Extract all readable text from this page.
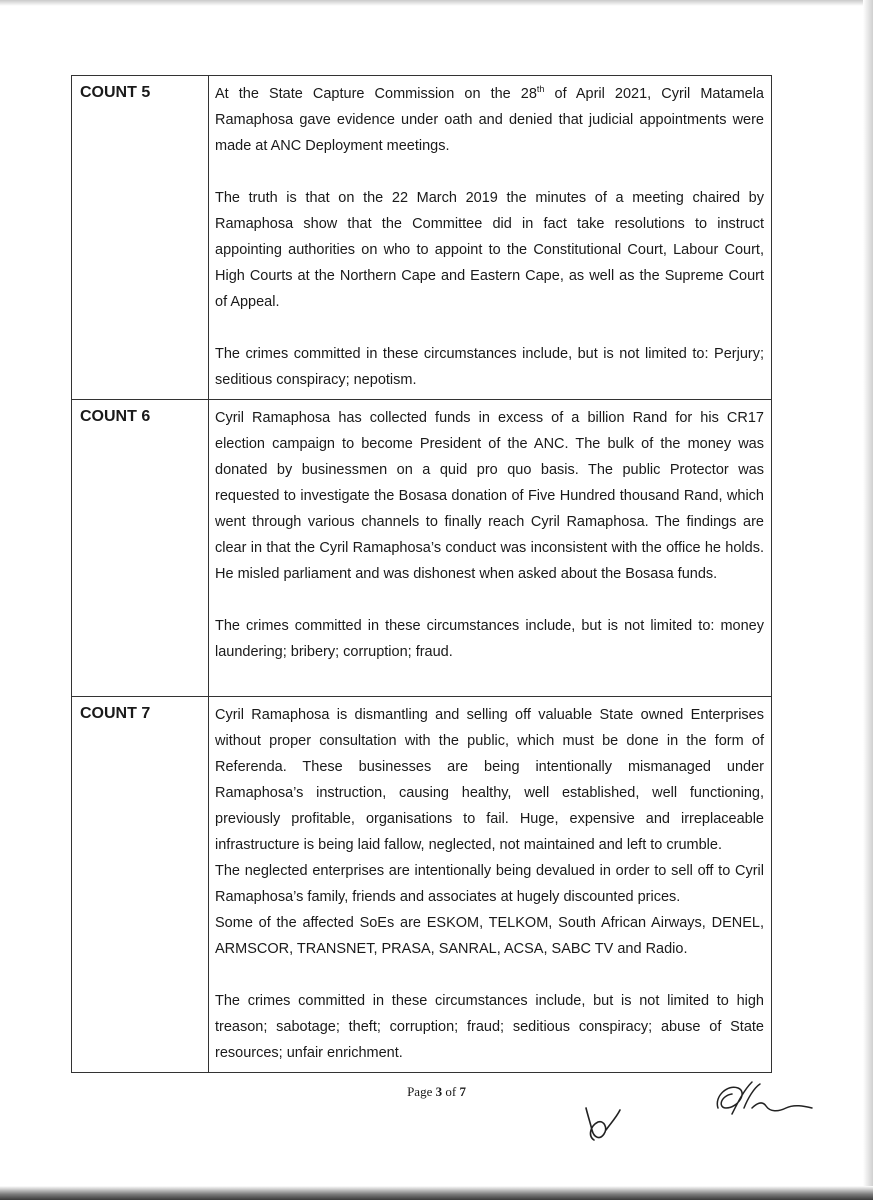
COUNT 5	At the State Capture Commission on the 28th of April 2021, Cyril Matamela Ramaphosa gave evidence under oath and denied that judicial appointments were made at ANC Deployment meetings.

The truth is that on the 22 March 2019 the minutes of a meeting chaired by Ramaphosa show that the Committee did in fact take resolutions to instruct appointing authorities on who to appoint to the Constitutional Court, Labour Court, High Courts at the Northern Cape and Eastern Cape, as well as the Supreme Court of Appeal.

The crimes committed in these circumstances include, but is not limited to: Perjury; seditious conspiracy; nepotism.

COUNT 6	Cyril Ramaphosa has collected funds in excess of a billion Rand for his CR17 election campaign to become President of the ANC. The bulk of the money was donated by businessmen on a quid pro quo basis. The public Protector was requested to investigate the Bosasa donation of Five Hundred thousand Rand, which went through various channels to finally reach Cyril Ramaphosa. The findings are clear in that the Cyril Ramaphosa’s conduct was inconsistent with the office he holds. He misled parliament and was dishonest when asked about the Bosasa funds.

The crimes committed in these circumstances include, but is not limited to: money laundering; bribery; corruption; fraud.

COUNT 7	Cyril Ramaphosa is dismantling and selling off valuable State owned Enterprises without proper consultation with the public, which must be done in the form of Referenda. These businesses are being intentionally mismanaged under Ramaphosa’s instruction, causing healthy, well established, well functioning, previously profitable, organisations to fail. Huge, expensive and irreplaceable infrastructure is being laid fallow, neglected, not maintained and left to crumble.

The neglected enterprises are intentionally being devalued in order to sell off to Cyril Ramaphosa’s family, friends and associates at hugely discounted prices.

Some of the affected SoEs are ESKOM, TELKOM, South African Airways, DENEL, ARMSCOR, TRANSNET, PRASA, SANRAL, ACSA, SABC TV and Radio.

The crimes committed in these circumstances include, but is not limited to high treason; sabotage; theft; corruption; fraud; seditious conspiracy; abuse of State resources; unfair enrichment.

Page 3 of 7
